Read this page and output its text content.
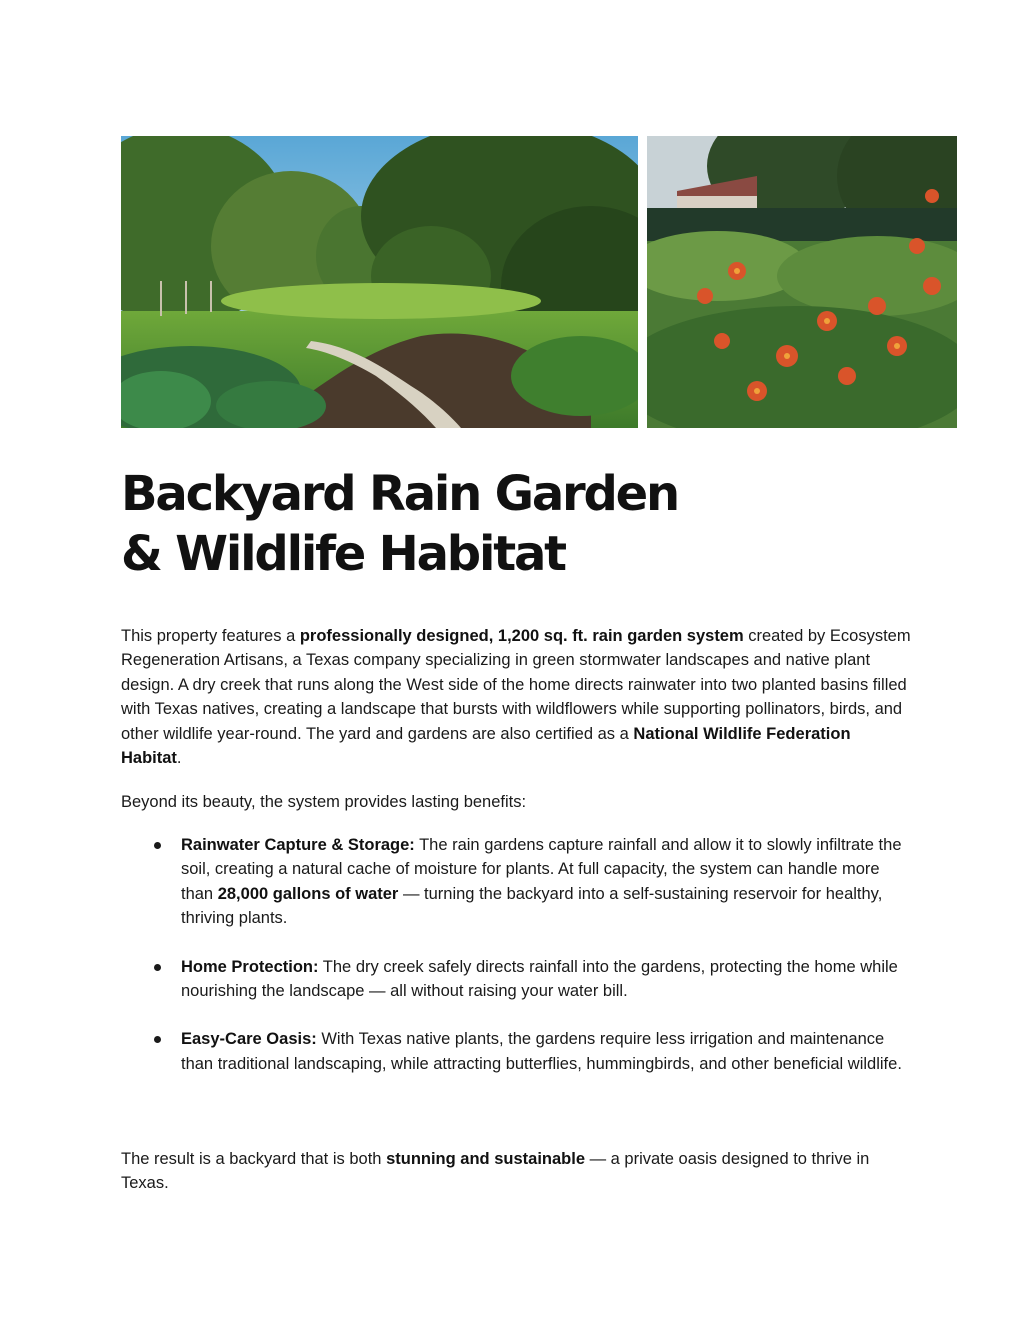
Backyard Rain Garden
& Wildlife Habitat

This property features a professionally designed, 1,200 sq. ft. rain garden system created by Ecosystem Regeneration Artisans, a Texas company specializing in green stormwater landscapes and native plant design. A dry creek that runs along the West side of the home directs rainwater into two planted basins filled with Texas natives, creating a landscape that bursts with wildflowers while supporting pollinators, birds, and other wildlife year-round. The yard and gardens are also certified as a National Wildlife Federation Habitat.

Beyond its beauty, the system provides lasting benefits:

Rainwater Capture & Storage: The rain gardens capture rainfall and allow it to slowly infiltrate the soil, creating a natural cache of moisture for plants. At full capacity, the system can handle more than 28,000 gallons of water — turning the backyard into a self-sustaining reservoir for healthy, thriving plants.
Home Protection: The dry creek safely directs rainfall into the gardens, protecting the home while nourishing the landscape — all without raising your water bill.
Easy-Care Oasis: With Texas native plants, the gardens require less irrigation and maintenance than traditional landscaping, while attracting butterflies, hummingbirds, and other beneficial wildlife.

The result is a backyard that is both stunning and sustainable — a private oasis designed to thrive in Texas.
